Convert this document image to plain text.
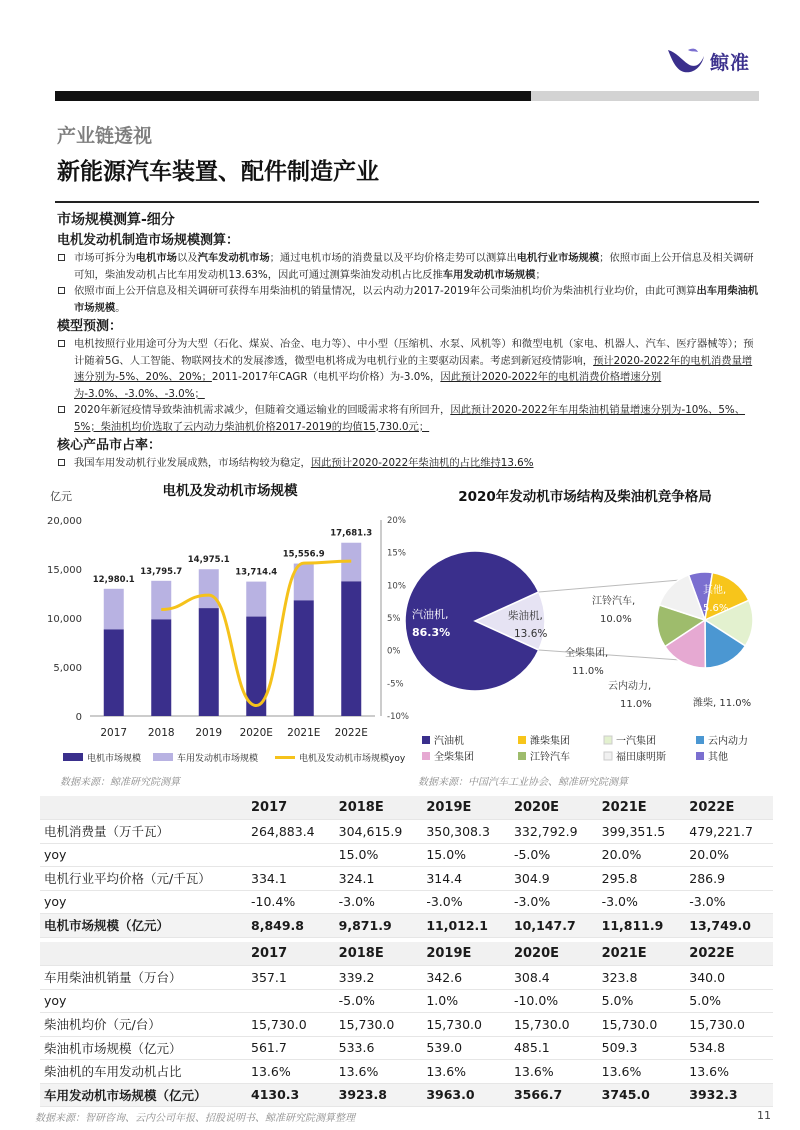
鲸准
产业链透视
新能源汽车装置、配件制造产业
市场规模测算-细分
电机发动机制造市场规模测算：
市场可拆分为电机市场以及汽车发动机市场；通过电机市场的消费量以及平均价格走势可以测算出电机行业市场规模；依照市面上公开信息及相关调研可知，柴油发动机占比车用发动机13.63%，因此可通过测算柴油发动机占比反推车用发动机市场规模；
依照市面上公开信息及相关调研可获得车用柴油机的销量情况，以云内动力2017-2019年公司柴油机均价为柴油机行业均价，由此可测算出车用柴油机市场规模。
模型预测：
电机按照行业用途可分为大型（石化、煤炭、冶金、电力等）、中小型（压缩机、水泵、风机等）和微型电机（家电、机器人、汽车、医疗器械等）；预计随着5G、人工智能、物联网技术的发展渗透，微型电机将成为电机行业的主要驱动因素。考虑到新冠疫情影响，预计2020-2022年的电机消费量增速分别为-5%、20%、20%；2011-2017年CAGR（电机平均价格）为-3.0%，因此预计2020-2022年的电机消费价格增速分别为-3.0%、-3.0%、-3.0%；
2020年新冠疫情导致柴油机需求减少，但随着交通运输业的回暖需求将有所回升，因此预计2020-2022年车用柴油机销量增速分别为-10%、5%、5%；柴油机均价选取了云内动力柴油机价格2017-2019的均值15,730.0元；
核心产品市占率：
我国车用发动机行业发展成熟，市场结构较为稳定，因此预计2020-2022年柴油机的占比维持13.6%
电机及发动机市场规模
亿元
0
5,000
10,000
15,000
20,000
-10%
-5%
0%
5%
10%
15%
20%
12,980.1
2017
13,795.7
2018
14,975.1
2019
13,714.4
2020E
15,556.9
2021E
17,681.3
2022E
电机市场规模	车用发动机市场规模	电机及发动机市场规模yoy
数据来源：鲸准研究院测算
2020年发动机市场结构及柴油机竞争格局
汽油机,
86.3%
柴油机,
13.6%
其他,
5.6%
潍柴, 11.0%
云内动力,
11.0%
全柴集团,
11.0%
江铃汽车,
10.0%
汽油机	潍柴集团	一汽集团	云内动力
全柴集团	江铃汽车	福田康明斯	其他
数据来源：中国汽车工业协会、鲸准研究院测算
	2017	2018E	2019E	2020E	2021E	2022E
电机消费量（万千瓦）	264,883.4	304,615.9	350,308.3	332,792.9	399,351.5	479,221.7
yoy		15.0%	15.0%	-5.0%	20.0%	20.0%
电机行业平均价格（元/千瓦）	334.1	324.1	314.4	304.9	295.8	286.9
yoy	-10.4%	-3.0%	-3.0%	-3.0%	-3.0%	-3.0%
电机市场规模（亿元）	8,849.8	9,871.9	11,012.1	10,147.7	11,811.9	13,749.0
	2017	2018E	2019E	2020E	2021E	2022E
车用柴油机销量（万台）	357.1	339.2	342.6	308.4	323.8	340.0
yoy		-5.0%	1.0%	-10.0%	5.0%	5.0%
柴油机均价（元/台）	15,730.0	15,730.0	15,730.0	15,730.0	15,730.0	15,730.0
柴油机市场规模（亿元）	561.7	533.6	539.0	485.1	509.3	534.8
柴油机的车用发动机占比	13.6%	13.6%	13.6%	13.6%	13.6%	13.6%
车用发动机市场规模（亿元）	4130.3	3923.8	3963.0	3566.7	3745.0	3932.3
数据来源：智研咨询、云内公司年报、招股说明书、鲸准研究院测算整理	11
